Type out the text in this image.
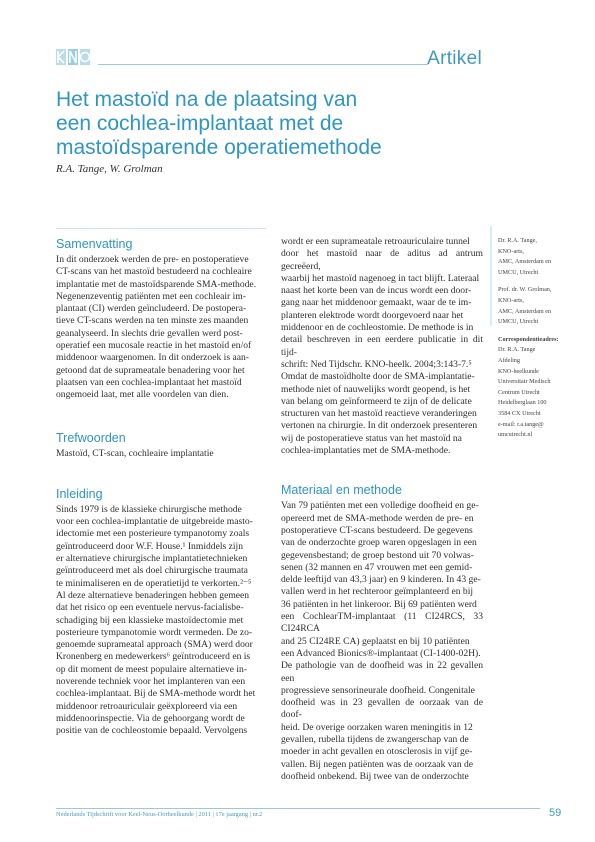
Artikel
Het mastoïd na de plaatsing van
een cochlea-implantaat met de
mastoïdsparende operatiemethode
R.A. Tange, W. Grolman
Samenvatting

In dit onderzoek werden de pre- en postoperatieve

CT-scans van het mastoïd bestudeerd na cochleaire

implantatie met de mastoïdsparende SMA-methode.

Negenenzeventig patiënten met een cochleair im-

plantaat (CI) werden geïncludeerd. De postopera-

tieve CT-scans werden na ten minste zes maanden

geanalyseerd. In slechts drie gevallen werd post-

operatief een mucosale reactie in het mastoïd en/of

middenoor waargenomen. In dit onderzoek is aan-

getoond dat de suprameatale benadering voor het

plaatsen van een cochlea-implantaat het mastoïd

ongemoeid laat, met alle voordelen van dien.

Trefwoorden

Mastoïd, CT-scan, cochleaire implantatie

Inleiding

Sinds 1979 is de klassieke chirurgische methode

voor een cochlea-implantatie de uitgebreide masto-

idectomie met een posterieure tympanotomy zoals

geïntroduceerd door W.F. House.¹ Inmiddels zijn

er alternatieve chirurgische implantatietechnieken

geïntroduceerd met als doel chirurgische traumata

te minimaliseren en de operatietijd te verkorten.²⁻⁵

Al deze alternatieve benaderingen hebben gemeen

dat het risico op een eventuele nervus-facialisbe-

schadiging bij een klassieke mastoïdectomie met

posterieure tympanotomie wordt vermeden. De zo-

genoemde suprameatal approach (SMA) werd door

Kronenberg en medewerkers⁶ geïntroduceerd en is

op dit moment de meest populaire alternatieve in-

noverende techniek voor het implanteren van een

cochlea-implantaat. Bij de SMA-methode wordt het

middenoor retroauriculair geëxploreerd via een

middenoorinspectie. Via de gehoorgang wordt de

positie van de cochleostomie bepaald. Vervolgens

wordt er een suprameatale retroauriculaire tunnel

door het mastoïd naar de aditus ad antrum gecreëerd,

waarbij het mastoïd nagenoeg in tact blijft. Lateraal

naast het korte been van de incus wordt een door-

gang naar het middenoor gemaakt, waar de te im-

planteren elektrode wordt doorgevoerd naar het

middenoor en de cochleostomie. De methode is in

detail beschreven in een eerdere publicatie in dit tijd-

schrift: Ned Tijdschr. KNO-heelk. 2004;3:143-7.⁵

Omdat de mastoïdholte door de SMA-implantatie-

methode niet of nauwelijks wordt geopend, is het

van belang om geïnformeerd te zijn of de delicate

structuren van het mastoïd reactieve veranderingen

vertonen na chirurgie. In dit onderzoek presenteren

wij de postoperatieve status van het mastoïd na

cochlea-implantaties met de SMA-methode.

Materiaal en methode

Van 79 patiënten met een volledige doofheid en ge-

opereerd met de SMA-methode werden de pre- en

postoperatieve CT-scans bestudeerd. De gegevens

van de onderzochte groep waren opgeslagen in een

gegevensbestand; de groep bestond uit 70 volwas-

senen (32 mannen en 47 vrouwen met een gemid-

delde leeftijd van 43,3 jaar) en 9 kinderen. In 43 ge-

vallen werd in het rechteroor geïmplanteerd en bij

36 patiënten in het linkeroor. Bij 69 patiënten werd

een CochlearTM-implantaat (11 CI24RCS, 33 CI24RCA

and 25 CI24RE CA) geplaatst en bij 10 patiënten

een Advanced Bionics®-implantaat (CI-1400-02H).

De pathologie van de doofheid was in 22 gevallen een

progressieve sensorineurale doofheid. Congenitale

doofheid was in 23 gevallen de oorzaak van de doof-

heid. De overige oorzaken waren meningitis in 12

gevallen, rubella tijdens de zwangerschap van de

moeder in acht gevallen en otosclerosis in vijf ge-

vallen. Bij negen patiënten was de oorzaak van de

doofheid onbekend. Bij twee van de onderzochte

Dr. R.A. Tange,
KNO-arts,
AMC, Amsterdam en
UMCU, Utrecht

Prof. dr. W. Grolman,
KNO-arts,
AMC, Amsterdam en
UMCU, Utrecht

Correspondentieadres:
Dr. R.A. Tange
Afdeling
KNO-heelkunde
Universitair Medisch
Centrum Utrecht
Heidelberglaan 100
3584 CX Utrecht
e-mail: r.a.tange@
umcutrecht.nl

Nederlands Tijdschrift voor Keel-Neus-Oorheelkunde | 2011 | 17e jaargang | nr.2	59
